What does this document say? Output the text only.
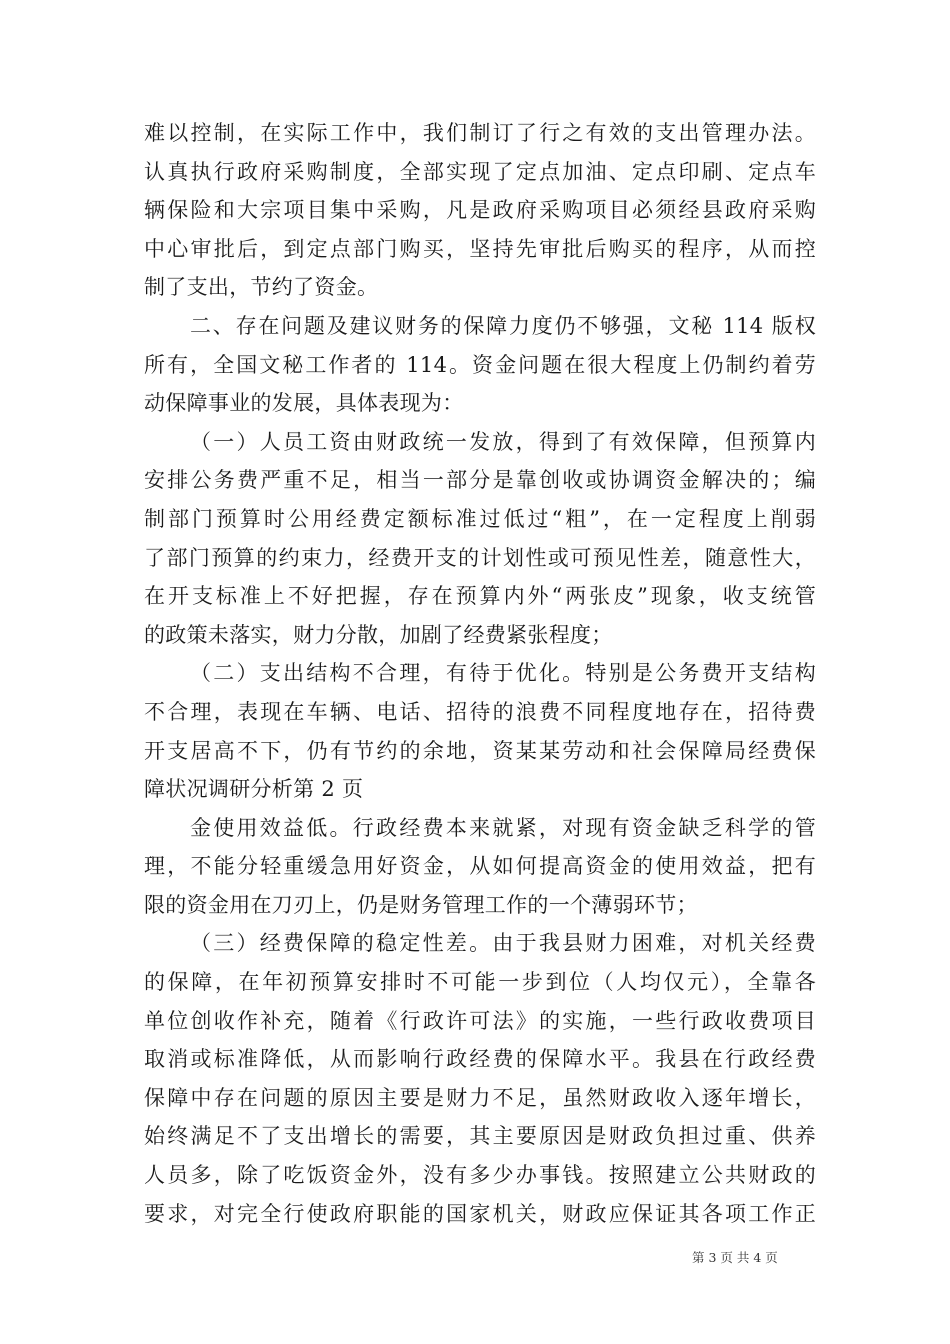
难以控制，在实际工作中，我们制订了行之有效的支出管理办法。
认真执行政府采购制度，全部实现了定点加油、定点印刷、定点车
辆保险和大宗项目集中采购，凡是政府采购项目必须经县政府采购
中心审批后，到定点部门购买，坚持先审批后购买的程序，从而控
制了支出，节约了资金。
二、存在问题及建议财务的保障力度仍不够强，文秘 114 版权
所有，全国文秘工作者的 114。资金问题在很大程度上仍制约着劳
动保障事业的发展，具体表现为：
（一）人员工资由财政统一发放，得到了有效保障，但预算内
安排公务费严重不足，相当一部分是靠创收或协调资金解决的；编
制部门预算时公用经费定额标准过低过“粗”，在一定程度上削弱
了部门预算的约束力，经费开支的计划性或可预见性差，随意性大，
在开支标准上不好把握，存在预算内外“两张皮”现象，收支统管
的政策未落实，财力分散，加剧了经费紧张程度；
（二）支出结构不合理，有待于优化。特别是公务费开支结构
不合理，表现在车辆、电话、招待的浪费不同程度地存在，招待费
开支居高不下，仍有节约的余地，资某某劳动和社会保障局经费保
障状况调研分析第 2 页
金使用效益低。行政经费本来就紧，对现有资金缺乏科学的管
理，不能分轻重缓急用好资金，从如何提高资金的使用效益，把有
限的资金用在刀刃上，仍是财务管理工作的一个薄弱环节；
（三）经费保障的稳定性差。由于我县财力困难，对机关经费
的保障，在年初预算安排时不可能一步到位（人均仅元），全靠各
单位创收作补充，随着《行政许可法》的实施，一些行政收费项目
取消或标准降低，从而影响行政经费的保障水平。我县在行政经费
保障中存在问题的原因主要是财力不足，虽然财政收入逐年增长，
始终满足不了支出增长的需要，其主要原因是财政负担过重、供养
人员多，除了吃饭资金外，没有多少办事钱。按照建立公共财政的
要求，对完全行使政府职能的国家机关，财政应保证其各项工作正
第 3 页 共 4 页
